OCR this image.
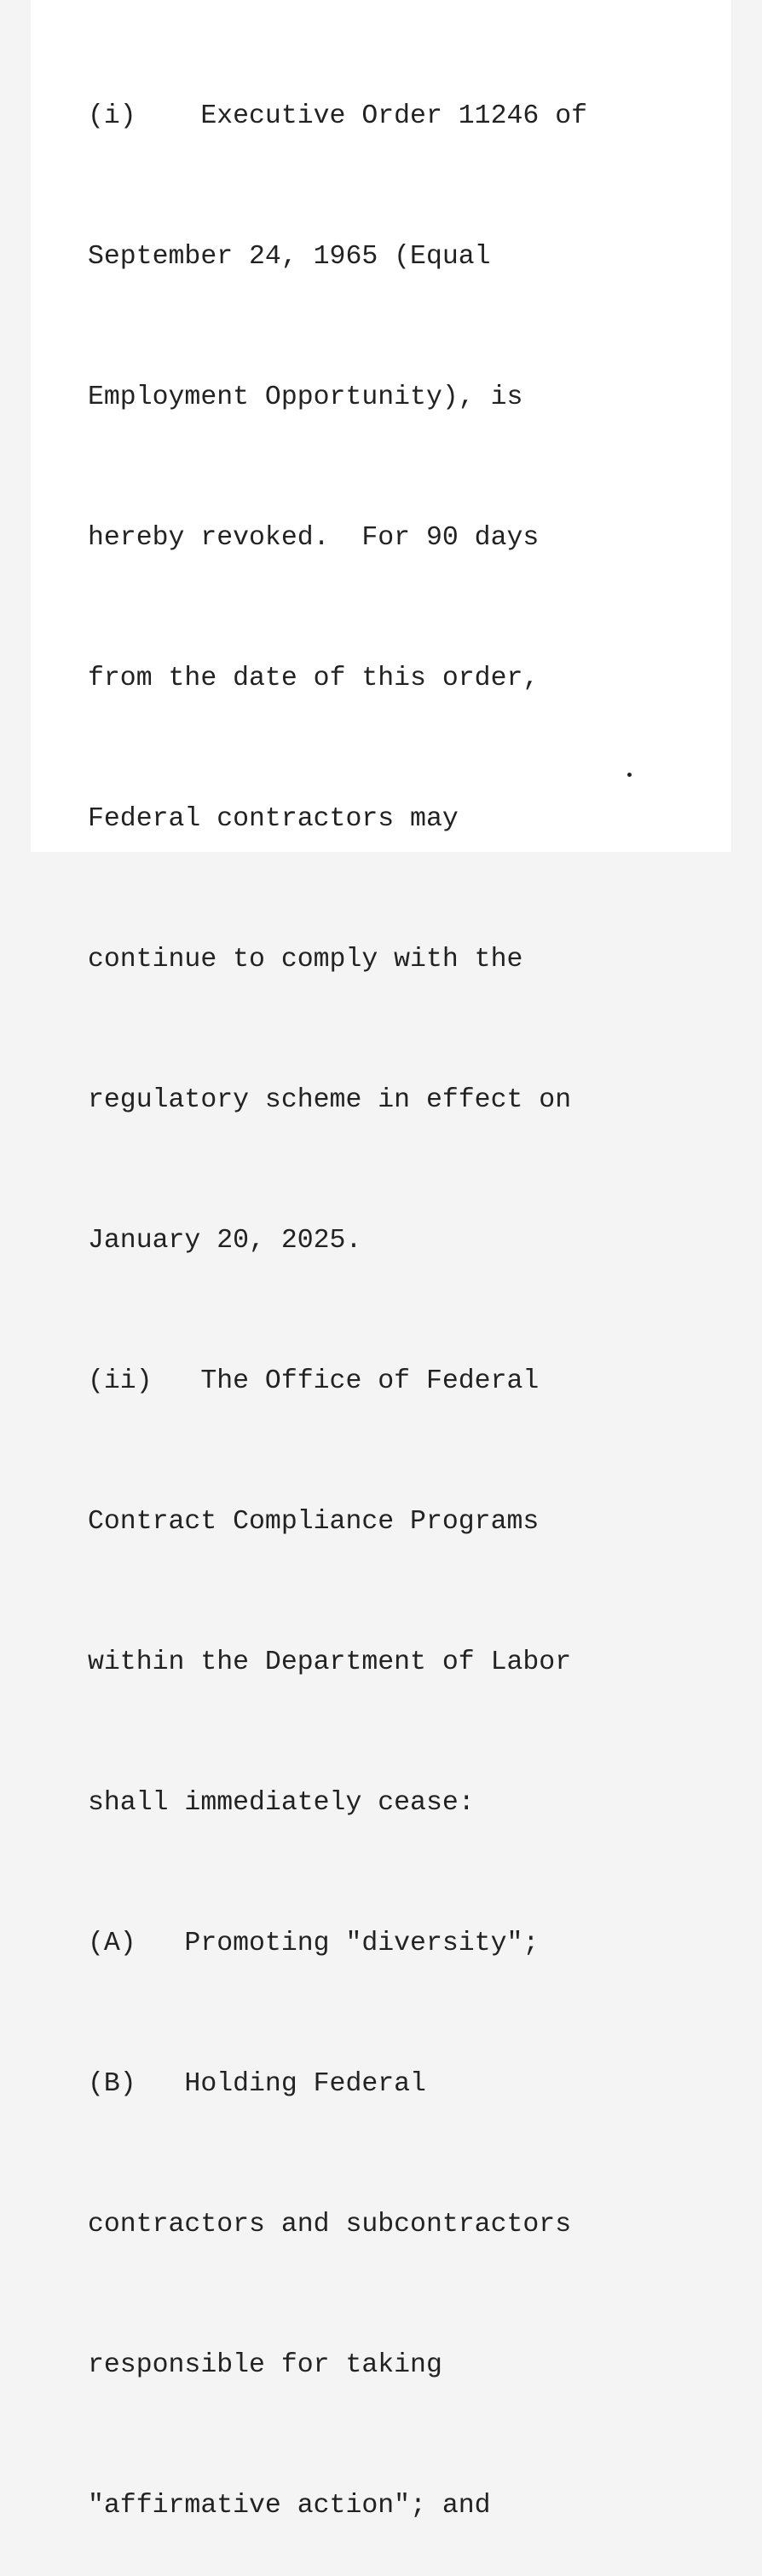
(i)    Executive Order 11246 of

September 24, 1965 (Equal

Employment Opportunity), is

hereby revoked.  For 90 days

from the date of this order,

Federal contractors may

continue to comply with the

regulatory scheme in effect on

January 20, 2025.

(ii)   The Office of Federal

Contract Compliance Programs

within the Department of Labor

shall immediately cease:

(A)   Promoting "diversity";

(B)   Holding Federal

contractors and subcontractors

responsible for taking

"affirmative action"; and
